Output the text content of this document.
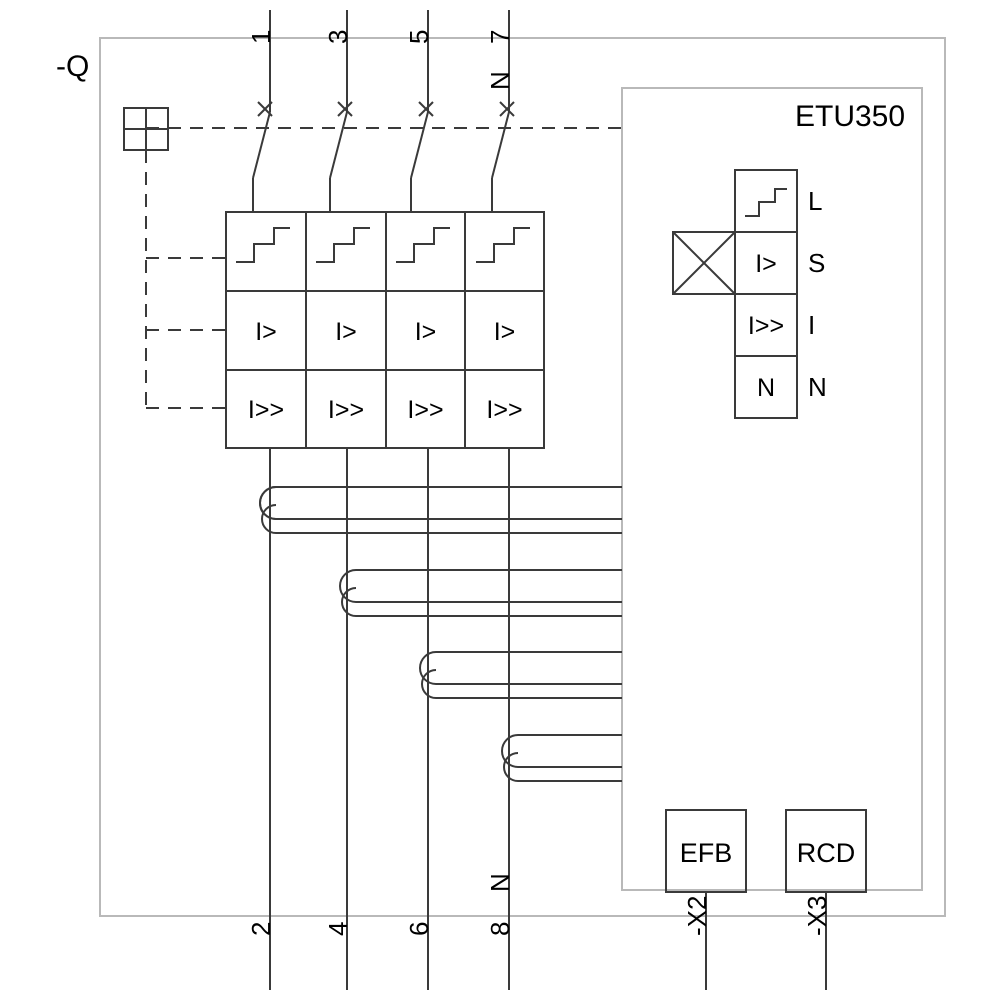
-Q
ETU350
1 3 5 7
N
2 4 6 8
N
-X2	-X3
I>	I>	I>	I>
I>>	I>>	I>>	I>>
I>
I>>
N
L
S
I
N
EFB	RCD
